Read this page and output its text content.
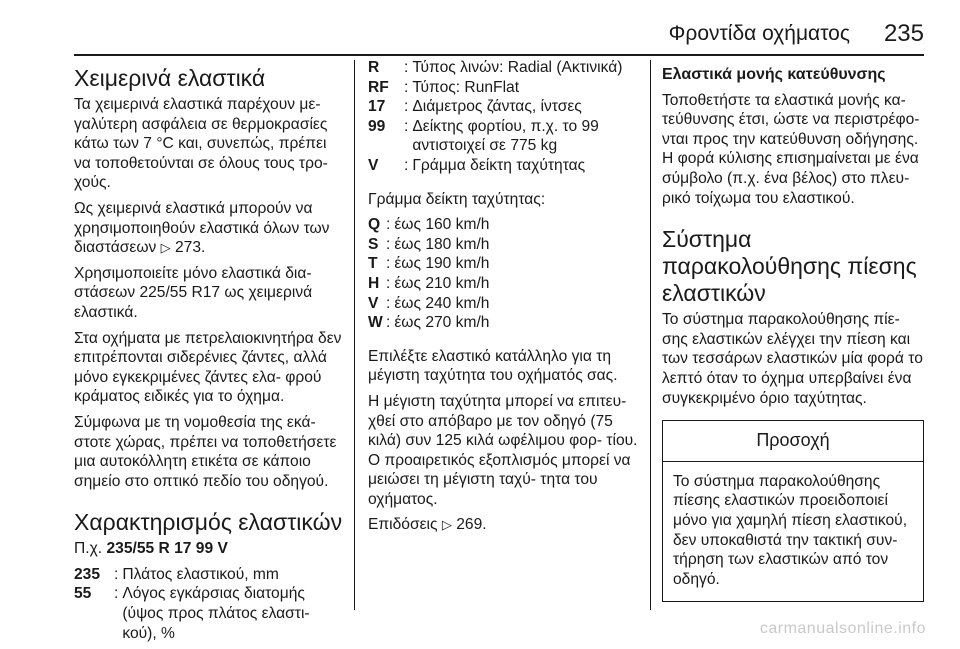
Φροντίδα οχήματος 235
Χειμερινά ελαστικά

Τα χειμερινά ελαστικά παρέχουν με- γαλύτερη ασφάλεια σε θερμοκρασίες κάτω των 7 °C και, συνεπώς, πρέπει να τοποθετούνται σε όλους τους τρο- χούς.

Ως χειμερινά ελαστικά μπορούν να χρησιμοποιηθούν ελαστικά όλων των διαστάσεων ▷ 273.

Χρησιμοποιείτε μόνο ελαστικά δια- στάσεων 225/55 R17 ως χειμερινά ελαστικά.

Στα οχήματα με πετρελαιοκινητήρα δεν επιτρέπονται σιδερένιες ζάντες, αλλά μόνο εγκεκριμένες ζάντες ελα- φρού κράματος ειδικές για το όχημα.

Σύμφωνα με τη νομοθεσία της εκά- στοτε χώρας, πρέπει να τοποθετήσετε μια αυτοκόλλητη ετικέτα σε κάποιο σημείο στο οπτικό πεδίο του οδηγού.

Χαρακτηρισμός ελαστικών

Π.χ. 235/55 R 17 99 V

235 : Πλάτος ελαστικού, mm
55	: Λόγος εγκάρσιας διατομής (ύψος προς πλάτος ελαστι- κού), %
R	: Τύπος λινών: Radial (Ακτινικά)
RF : Τύπος: RunFlat
17	: Διάμετρος ζάντας, ίντσες
99	: Δείκτης φορτίου, π.χ. το 99 αντιστοιχεί σε 775 kg
V	: Γράμμα δείκτη ταχύτητας

Γράμμα δείκτη ταχύτητας:

Q : έως 160 km/h
S : έως 180 km/h
T : έως 190 km/h
H : έως 210 km/h
V : έως 240 km/h
W : έως 270 km/h

Επιλέξτε ελαστικό κατάλληλο για τη μέγιστη ταχύτητα του οχήματός σας.

Η μέγιστη ταχύτητα μπορεί να επιτευ- χθεί στο απόβαρο με τον οδηγό (75 κιλά) συν 125 κιλά ωφέλιμου φορ- τίου. Ο προαιρετικός εξοπλισμός μπορεί να μειώσει τη μέγιστη ταχύ- τητα του οχήματος.

Επιδόσεις ▷ 269.

Ελαστικά μονής κατεύθυνσης

Τοποθετήστε τα ελαστικά μονής κα- τεύθυνσης έτσι, ώστε να περιστρέφο- νται προς την κατεύθυνση οδήγησης. Η φορά κύλισης επισημαίνεται με ένα σύμβολο (π.χ. ένα βέλος) στο πλευ- ρικό τοίχωμα του ελαστικού.

Σύστημα παρακολούθησης πίεσης ελαστικών

Το σύστημα παρακολούθησης πίε- σης ελαστικών ελέγχει την πίεση και των τεσσάρων ελαστικών μία φορά το λεπτό όταν το όχημα υπερβαίνει ένα συγκεκριμένο όριο ταχύτητας.

Προσοχή
Το σύστημα παρακολούθησης πίεσης ελαστικών προειδοποιεί μόνο για χαμηλή πίεση ελαστικού, δεν υποκαθιστά την τακτική συν- τήρηση των ελαστικών από τον οδηγό.
carmanualsonline.info
